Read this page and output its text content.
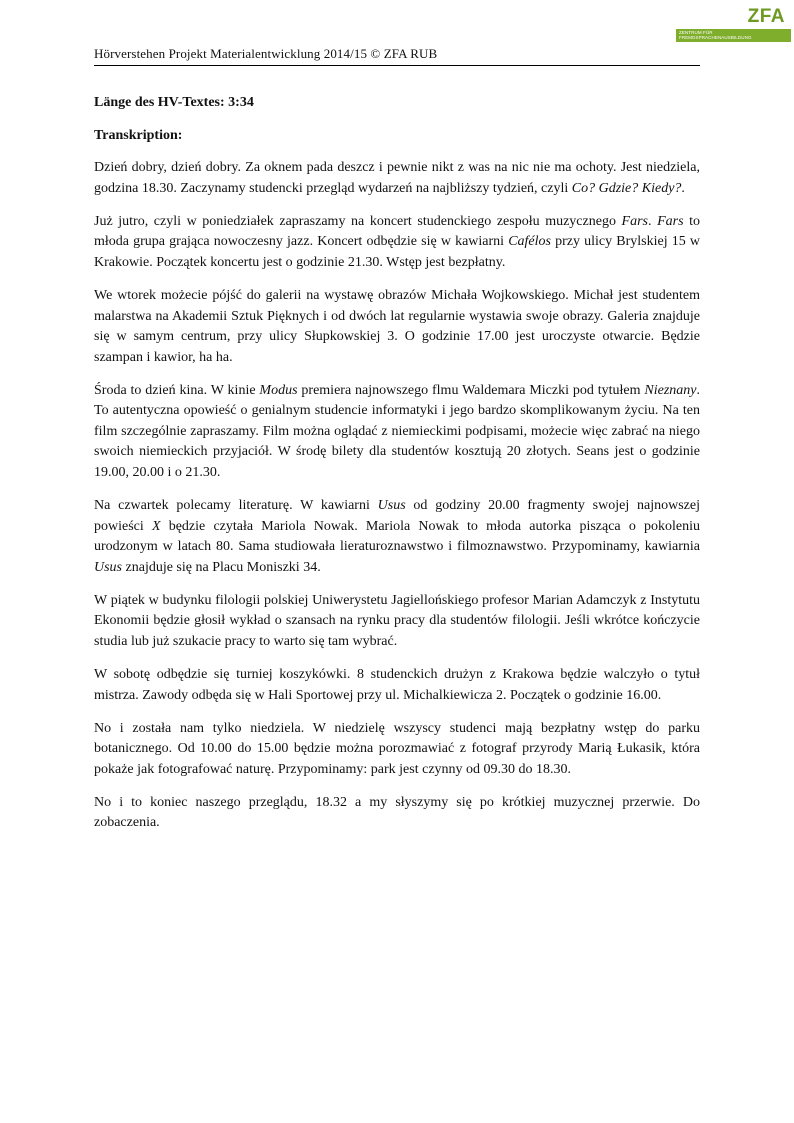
ZFA
ZENTRUM FÜR
FREMDSPRACHENAUSBILDUNG
Hörverstehen Projekt Materialentwicklung 2014/15 © ZFA RUB
Länge des HV-Textes: 3:34
Transkription:

Dzień dobry, dzień dobry. Za oknem pada deszcz i pewnie nikt z was na nic nie ma ochoty. Jest niedziela, godzina 18.30. Zaczynamy studencki przegląd wydarzeń na najbliższy tydzień, czyli Co? Gdzie? Kiedy?.

Już jutro, czyli w poniedziałek zapraszamy na koncert studenckiego zespołu muzycznego Fars. Fars to młoda grupa grająca nowoczesny jazz. Koncert odbędzie się w kawiarni Cafélos przy ulicy Brylskiej 15 w Krakowie. Początek koncertu jest o godzinie 21.30. Wstęp jest bezpłatny.

We wtorek możecie pójść do galerii na wystawę obrazów Michała Wojkowskiego. Michał jest studentem malarstwa na Akademii Sztuk Pięknych i od dwóch lat regularnie wystawia swoje obrazy. Galeria znajduje się w samym centrum, przy ulicy Słupkowskiej 3. O godzinie 17.00 jest uroczyste otwarcie. Będzie szampan i kawior, ha ha.

Środa to dzień kina. W kinie Modus premiera najnowszego flmu Waldemara Miczki pod tytułem Nieznany. To autentyczna opowieść o genialnym studencie informatyki i jego bardzo skomplikowanym życiu. Na ten film szczególnie zapraszamy. Film można oglądać z niemieckimi podpisami, możecie więc zabrać na niego swoich niemieckich przyjaciół. W środę bilety dla studentów kosztują 20 złotych. Seans jest o godzinie 19.00, 20.00 i o 21.30.

Na czwartek polecamy literaturę. W kawiarni Usus od godziny 20.00 fragmenty swojej najnowszej powieści X będzie czytała Mariola Nowak. Mariola Nowak to młoda autorka pisząca o pokoleniu urodzonym w latach 80. Sama studiowała lieraturoznawstwo i filmoznawstwo. Przypominamy, kawiarnia Usus znajduje się na Placu Moniszki 34.

W piątek w budynku filologii polskiej Uniwerystetu Jagiellońskiego profesor Marian Adamczyk z Instytutu Ekonomii będzie głosił wykład o szansach na rynku pracy dla studentów filologii. Jeśli wkrótce kończycie studia lub już szukacie pracy to warto się tam wybrać.

W sobotę odbędzie się turniej koszykówki. 8 studenckich drużyn z Krakowa będzie walczyło o tytuł mistrza. Zawody odbęda się w Hali Sportowej przy ul. Michalkiewicza 2. Początek o godzinie 16.00.

No i została nam tylko niedziela. W niedzielę wszyscy studenci mają bezpłatny wstęp do parku botanicznego. Od 10.00 do 15.00 będzie można porozmawiać z fotograf przyrody Marią Łukasik, która pokaże jak fotografować naturę. Przypominamy: park jest czynny od 09.30 do 18.30.

No i to koniec naszego przeglądu, 18.32 a my słyszymy się po krótkiej muzycznej przerwie. Do zobaczenia.
